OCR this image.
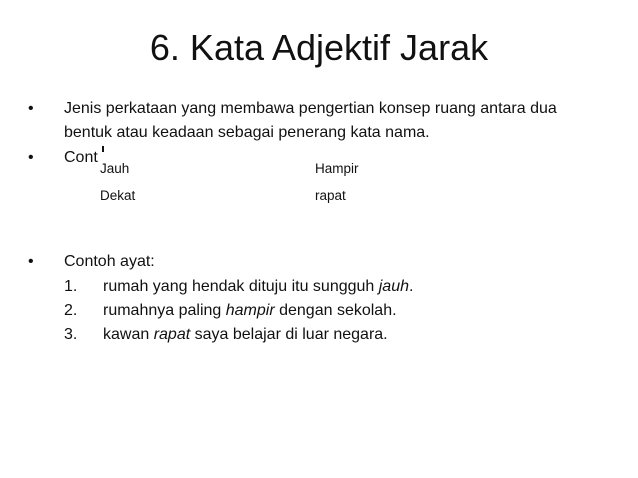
6. Kata Adjektif Jarak
•	Jenis perkataan yang membawa pengertian konsep ruang antara dua
bentuk atau keadaan sebagai penerang kata nama.
•	Cont
Jauh	Hampir
Dekat	rapat
•	Contoh ayat:
1. rumah yang hendak dituju itu sungguh jauh.
2. rumahnya paling hampir dengan sekolah.
3. kawan rapat saya belajar di luar negara.
